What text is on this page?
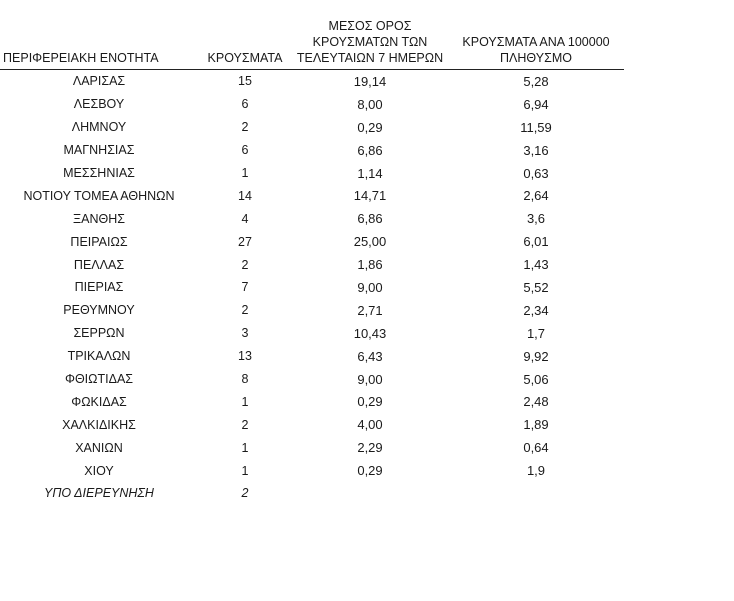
ΠΕΡΙΦΕΡΕΙΑΚΗ ΕΝΟΤΗΤΑ	ΚΡΟΥΣΜΑΤΑ	ΜΕΣΟΣ ΟΡΟΣ
ΚΡΟΥΣΜΑΤΩΝ ΤΩΝ
ΤΕΛΕΥΤΑΙΩΝ 7 ΗΜΕΡΩΝ	ΚΡΟΥΣΜΑΤΑ ΑΝΑ 100000
ΠΛΗΘΥΣΜΟ

ΛΑΡΙΣΑΣ	15	19,14	5,28
ΛΕΣΒΟΥ	6	8,00	6,94
ΛΗΜΝΟΥ	2	0,29	11,59
ΜΑΓΝΗΣΙΑΣ	6	6,86	3,16
ΜΕΣΣΗΝΙΑΣ	1	1,14	0,63
ΝΟΤΙΟΥ ΤΟΜΕΑ ΑΘΗΝΩΝ	14	14,71	2,64
ΞΑΝΘΗΣ	4	6,86	3,6
ΠΕΙΡΑΙΩΣ	27	25,00	6,01
ΠΕΛΛΑΣ	2	1,86	1,43
ΠΙΕΡΙΑΣ	7	9,00	5,52
ΡΕΘΥΜΝΟΥ	2	2,71	2,34
ΣΕΡΡΩΝ	3	10,43	1,7
ΤΡΙΚΑΛΩΝ	13	6,43	9,92
ΦΘΙΩΤΙΔΑΣ	8	9,00	5,06
ΦΩΚΙΔΑΣ	1	0,29	2,48
ΧΑΛΚΙΔΙΚΗΣ	2	4,00	1,89
ΧΑΝΙΩΝ	1	2,29	0,64
ΧΙΟΥ	1	0,29	1,9
ΥΠΟ ΔΙΕΡΕΥΝΗΣΗ	2		
